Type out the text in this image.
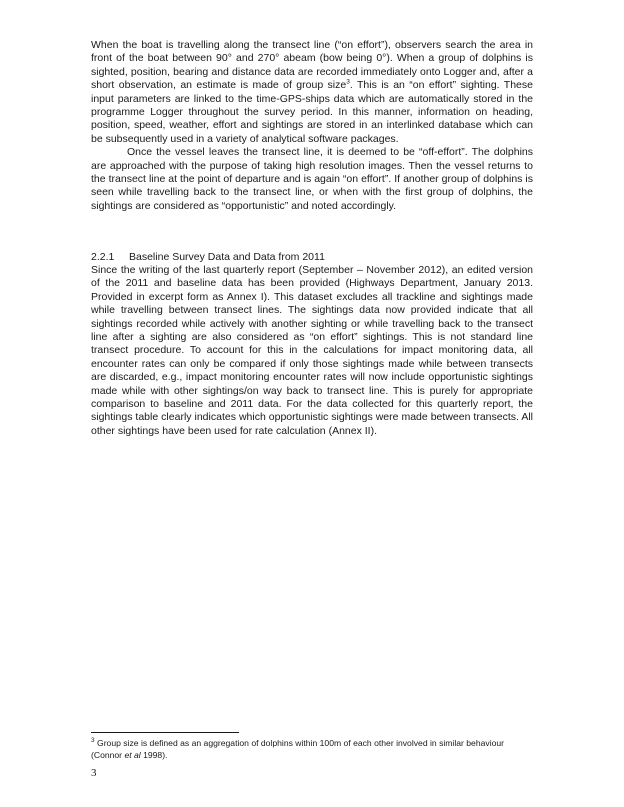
When the boat is travelling along the transect line (“on effort”), observers search the area in front of the boat between 90° and 270° abeam (bow being 0°). When a group of dolphins is sighted, position, bearing and distance data are recorded immediately onto Logger and, after a short observation, an estimate is made of group size$^3$. This is an “on effort” sighting. These input parameters are linked to the time-GPS-ships data which are automatically stored in the programme Logger throughout the survey period. In this manner, information on heading, position, speed, weather, effort and sightings are stored in an interlinked database which can be subsequently used in a variety of analytical software packages.
Once the vessel leaves the transect line, it is deemed to be “off-effort”. The dolphins are approached with the purpose of taking high resolution images. Then the vessel returns to the transect line at the point of departure and is again “on effort”. If another group of dolphins is seen while travelling back to the transect line, or when with the first group of dolphins, the sightings are considered as “opportunistic” and noted accordingly.

2.2.1 Baseline Survey Data and Data from 2011

Since the writing of the last quarterly report (September – November 2012), an edited version of the 2011 and baseline data has been provided (Highways Department, January 2013. Provided in excerpt form as Annex I). This dataset excludes all trackline and sightings made while travelling between transect lines. The sightings data now provided indicate that all sightings recorded while actively with another sighting or while travelling back to the transect line after a sighting are also considered as “on effort” sightings. This is not standard line transect procedure. To account for this in the calculations for impact monitoring data, all encounter rates can only be compared if only those sightings made while between transects are discarded, e.g., impact monitoring encounter rates will now include opportunistic sightings made while with other sightings/on way back to transect line. This is purely for appropriate comparison to baseline and 2011 data. For the data collected for this quarterly report, the sightings table clearly indicates which opportunistic sightings were made between transects. All other sightings have been used for rate calculation (Annex II).

$^3$ Group size is defined as an aggregation of dolphins within 100m of each other involved in similar behaviour (Connor et al 1998).

3
